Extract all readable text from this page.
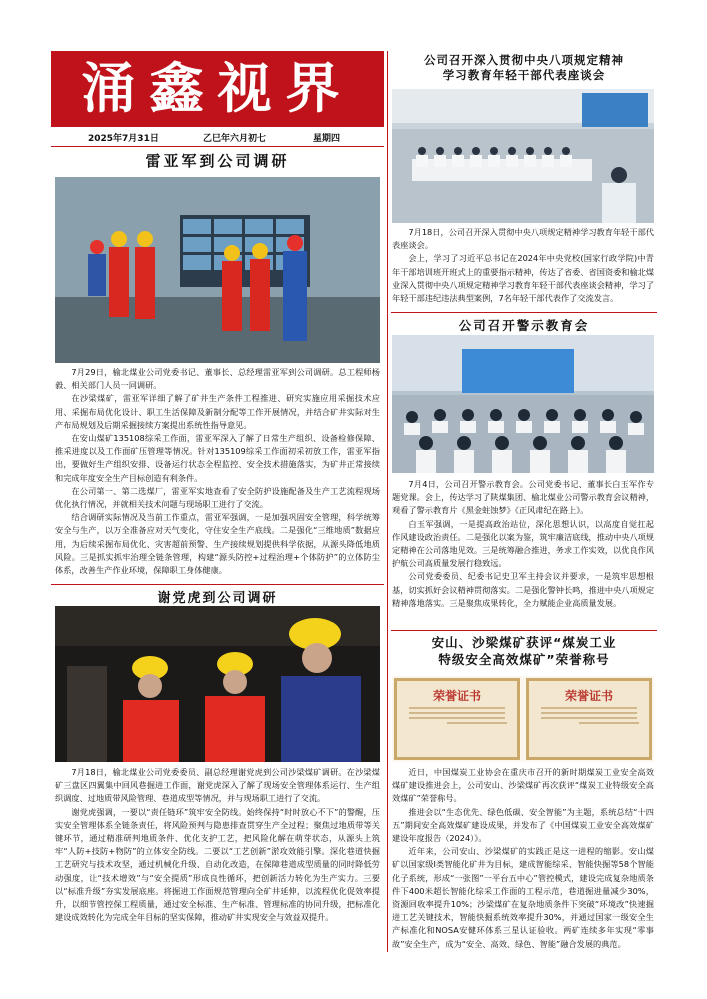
涌鑫视界
2025年7月31日	乙巳年六月初七	星期四
雷亚军到公司调研

7月29日，榆北煤业公司党委书记、董事长、总经理雷亚军到公司调研。总工程师杨毅、相关部门人员一同调研。

在沙梁煤矿，雷亚军详细了解了矿井生产条件工程推进、研究实施应用采掘技术应用、采掘布局优化设计、职工生活保障及新制分配等工作开展情况，并结合矿井实际对生产布局规划及后期采掘接续方案提出系统性指导意见。

在安山煤矿135108综采工作面，雷亚军深入了解了日常生产组织、设备检修保障、推采进度以及工作面矿压管理等情况。针对135109综采工作面初采初放工作，雷亚军指出，要做好生产组织安排、设备运行状态全程监控、安全技术措施落实，为矿井正常接续和完成年度安全生产目标创造有利条件。

在公司第一、第二选煤厂，雷亚军实地查看了安全防护设施配备及生产工艺流程现场优化执行情况，并就相关技术问题与现场职工进行了交流。

结合调研实际情况及当前工作重点，雷亚军强调，一是加强巩固安全管理，科学统筹安全与生产，以万全准备应对天气变化，守住安全生产底线。二是强化“三维地质”数据应用，为后续采掘布局优化、灾害超前预警、生产接续规划提供科学依据，从源头降低地质风险。三是抓实抓牢治理全链条管理，构建“源头防控+过程治理+个体防护”的立体防尘体系，改善生产作业环境，保障职工身体健康。

谢党虎到公司调研

7月18日，榆北煤业公司党委委员、副总经理谢党虎到公司沙梁煤矿调研。在沙梁煤矿三盘区四翼集中回风巷掘进工作面，谢党虎深入了解了现场安全管理体系运行、生产组织调度、过地质带风险管理、巷道成型等情况，并与现场职工进行了交流。

谢党虎强调，一要以“责任链环”筑牢安全防线。始终保持“时时放心不下”的警醒，压实安全管理体系全链条责任，将风险预判与隐患排查贯穿生产全过程；聚焦过地质带等关键环节，通过精准研判地质条件、优化支护工艺，把风险化解在萌芽状态，从源头上筑牢“人防+技防+物防”的立体安全防线。二要以“工艺创新”淤攻效能引擎。深化巷道快掘工艺研究与技术攻坚，通过机械化升级、自动化改造，在保障巷道成型质量的同时降低劳动强度，让“技术增效”与“安全提质”形成良性循环，把创新活力转化为生产实力。三要以“标准升级”夯实发展底座。将掘进工作面规范管理向全矿井延伸，以流程优化促效率提升，以细节管控保工程质量，通过安全标准、生产标准、管理标准的协同升级，把标准化建设成效转化为完成全年目标的坚实保障，推动矿井实现安全与效益双提升。

公司召开深入贯彻中央八项规定精神
学习教育年轻干部代表座谈会

7月18日，公司召开深入贯彻中央八项规定精神学习教育年轻干部代表座谈会。

会上，学习了习近平总书记在2024年中央党校(国家行政学院)中青年干部培训班开班式上的重要指示精神，传达了省委、省国资委和榆北煤业深入贯彻中央八项规定精神学习教育年轻干部代表座谈会精神，学习了年轻干部违纪违法典型案例，7名年轻干部代表作了交流发言。

公司召开警示教育会

7月4日，公司召开警示教育会。公司党委书记、董事长白玉军作专题党课。会上，传达学习了陕煤集团、榆北煤业公司警示教育会议精神，观看了警示教育片《黑金蛀蚀梦》《正风肃纪在路上》。

白玉军强调，一是提高政治站位，深化思想认识，以高度自觉扛起作风建设政治责任。二是强化以案为鉴，筑牢廉洁底线，推动中央八项规定精神在公司落地见效。三是统筹融合推进，务求工作实效，以优良作风护航公司高质量发展行稳致远。

公司党委委员、纪委书记史卫军主持会议并要求，一是筑牢思想根基，切实抓好会议精神贯彻落实。二是强化警钟长鸣，推进中央八项规定精神落地落实。三是聚焦成果转化，全力赋能企业高质量发展。

安山、沙梁煤矿获评“煤炭工业
特级安全高效煤矿”荣誉称号
荣誉证书	荣誉证书

近日，中国煤炭工业协会在重庆市召开的新时期煤炭工业安全高效煤矿建设推进会上，公司安山、沙梁煤矿再次获评“煤炭工业特级安全高效煤矿”荣誉称号。

推进会以“生态优先、绿色低碳、安全智能”为主题，系统总结“十四五”期间安全高效煤矿建设成果，并发布了《中国煤炭工业安全高效煤矿建设年度报告（2024）》。

近年来，公司安山、沙梁煤矿的实践正是这一进程的缩影。安山煤矿以国家级Ⅰ类智能化矿井为目标，建成智能综采、智能快掘等58个智能化子系统，形成“一张图”一平台五中心”管控模式，建设完成复杂地质条件下400米超长智能化综采工作面的工程示范，巷道掘进量减少30%，资源回收率提升10%；沙梁煤矿在复杂地质条件下突破“环境改”快速掘进工艺关键技术，智能快掘系统效率提升30%，并通过国家一级安全生产标准化和NOSA安健环体系三星认证验收。两矿连续多年实现“零事故”安全生产，成为“安全、高效、绿色、智能”融合发展的典范。
